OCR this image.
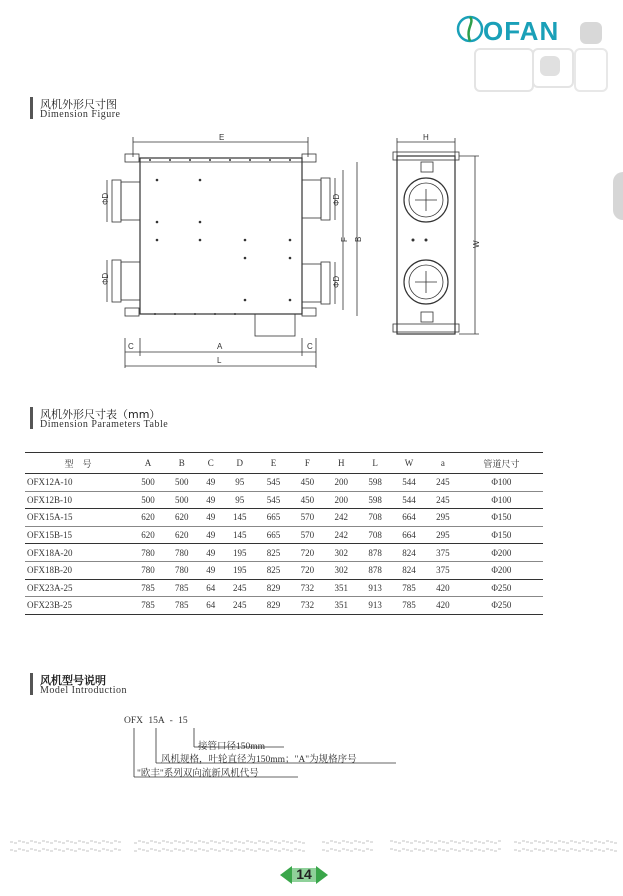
OFAN
风机外形尺寸图
Dimension Figure
E
ΦD
ΦD
ΦD
ΦD
F B
C	C
A
L
H
W
风机外形尺寸表（mm）
Dimension Parameters Table
型　号	A	B	C	D	E	F	H	L	W	a	管道尺寸
OFX12A-10	500	500	49	95	545	450	200	598	544	245	Φ100
OFX12B-10	500	500	49	95	545	450	200	598	544	245	Φ100
OFX15A-15	620	620	49	145	665	570	242	708	664	295	Φ150
OFX15B-15	620	620	49	145	665	570	242	708	664	295	Φ150
OFX18A-20	780	780	49	195	825	720	302	878	824	375	Φ200
OFX18B-20	780	780	49	195	825	720	302	878	824	375	Φ200
OFX23A-25	785	785	64	245	829	732	351	913	785	420	Φ250
OFX23B-25	785	785	64	245	829	732	351	913	785	420	Φ250
风机型号说明
Model Introduction
OFX 15A - 15
接管口径150mm
风机规格，叶轮直径为150mm；"A"为规格序号
"欧丰"系列双向流新风机代号
14
